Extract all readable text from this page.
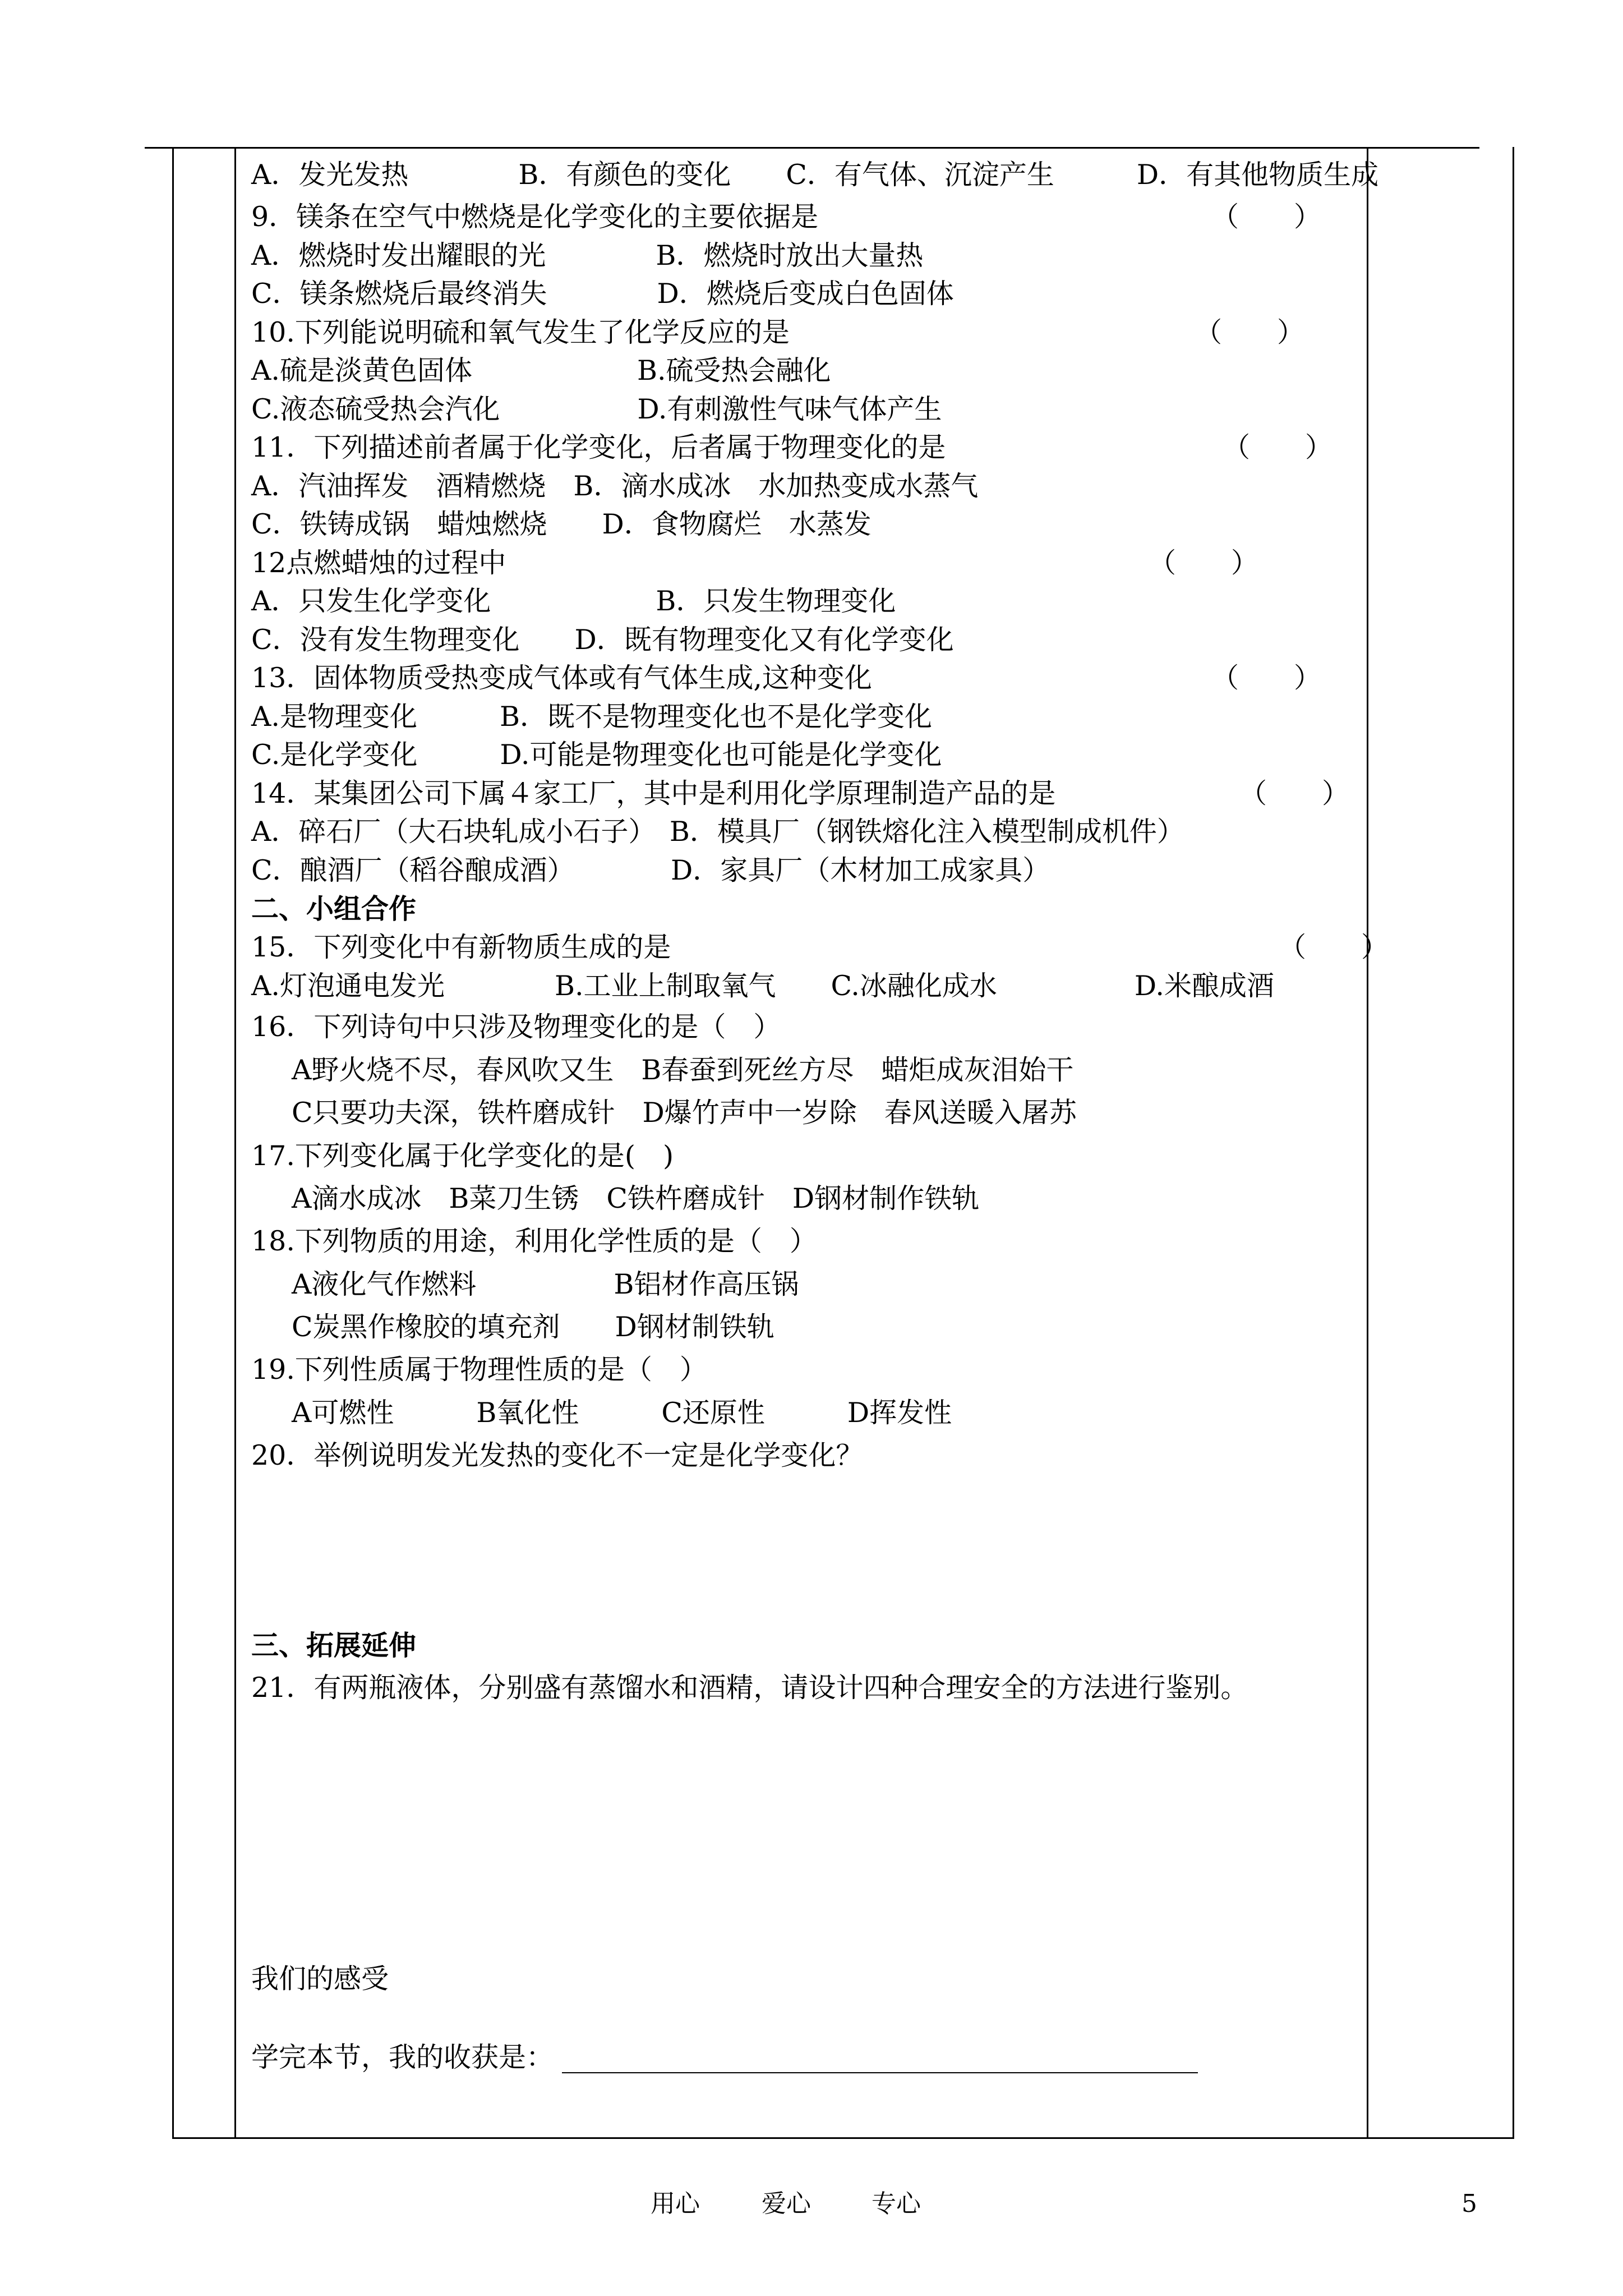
A．发光发热　　　　B．有颜色的变化　　C．有气体、沉淀产生　　　D．有其他物质生成
9．镁条在空气中燃烧是化学变化的主要依据是	（　　）
A．燃烧时发出耀眼的光　　　　B．燃烧时放出大量热
C．镁条燃烧后最终消失　　　　D．燃烧后变成白色固体
10.下列能说明硫和氧气发生了化学反应的是	（　　）
A.硫是淡黄色固体　　　　　　B.硫受热会融化
C.液态硫受热会汽化　　　　　D.有刺激性气味气体产生
11．下列描述前者属于化学变化，后者属于物理变化的是	（　　）
A．汽油挥发　酒精燃烧　B．滴水成冰　水加热变成水蒸气
C．铁铸成锅　蜡烛燃烧　　D．食物腐烂　水蒸发
12点燃蜡烛的过程中	（　　）
A．只发生化学变化　　　　　　B．只发生物理变化
C．没有发生物理变化　　D．既有物理变化又有化学变化
13．固体物质受热变成气体或有气体生成,这种变化	（　　）
A.是物理变化　　　B．既不是物理变化也不是化学变化
C.是化学变化　　　D.可能是物理变化也可能是化学变化
14．某集团公司下属４家工厂，其中是利用化学原理制造产品的是	（　　）
A．碎石厂（大石块轧成小石子）　B．模具厂（钢铁熔化注入模型制成机件）
C．酿酒厂（稻谷酿成酒）　　　　D．家具厂（木材加工成家具）
二、小组合作
15．下列变化中有新物质生成的是	（　　）
A.灯泡通电发光　　　　B.工业上制取氧气　　C.冰融化成水　　　　　D.米酿成酒
16．下列诗句中只涉及物理变化的是（　）
A野火烧不尽，春风吹又生　B春蚕到死丝方尽　蜡炬成灰泪始干
C只要功夫深，铁杵磨成针　D爆竹声中一岁除　春风送暖入屠苏
17.下列变化属于化学变化的是(　)
A滴水成冰　B菜刀生锈　C铁杵磨成针　D钢材制作铁轨
18.下列物质的用途，利用化学性质的是（　）
A液化气作燃料　　　　　B铝材作高压锅
C炭黑作橡胶的填充剂　　D钢材制铁轨
19.下列性质属于物理性质的是（　）
A可燃性　　　B氧化性　　　C还原性　　　D挥发性
20．举例说明发光发热的变化不一定是化学变化？
三、拓展延伸
21．有两瓶液体，分别盛有蒸馏水和酒精，请设计四种合理安全的方法进行鉴别。
我们的感受
学完本节，我的收获是：
用心	爱心 专心	5
